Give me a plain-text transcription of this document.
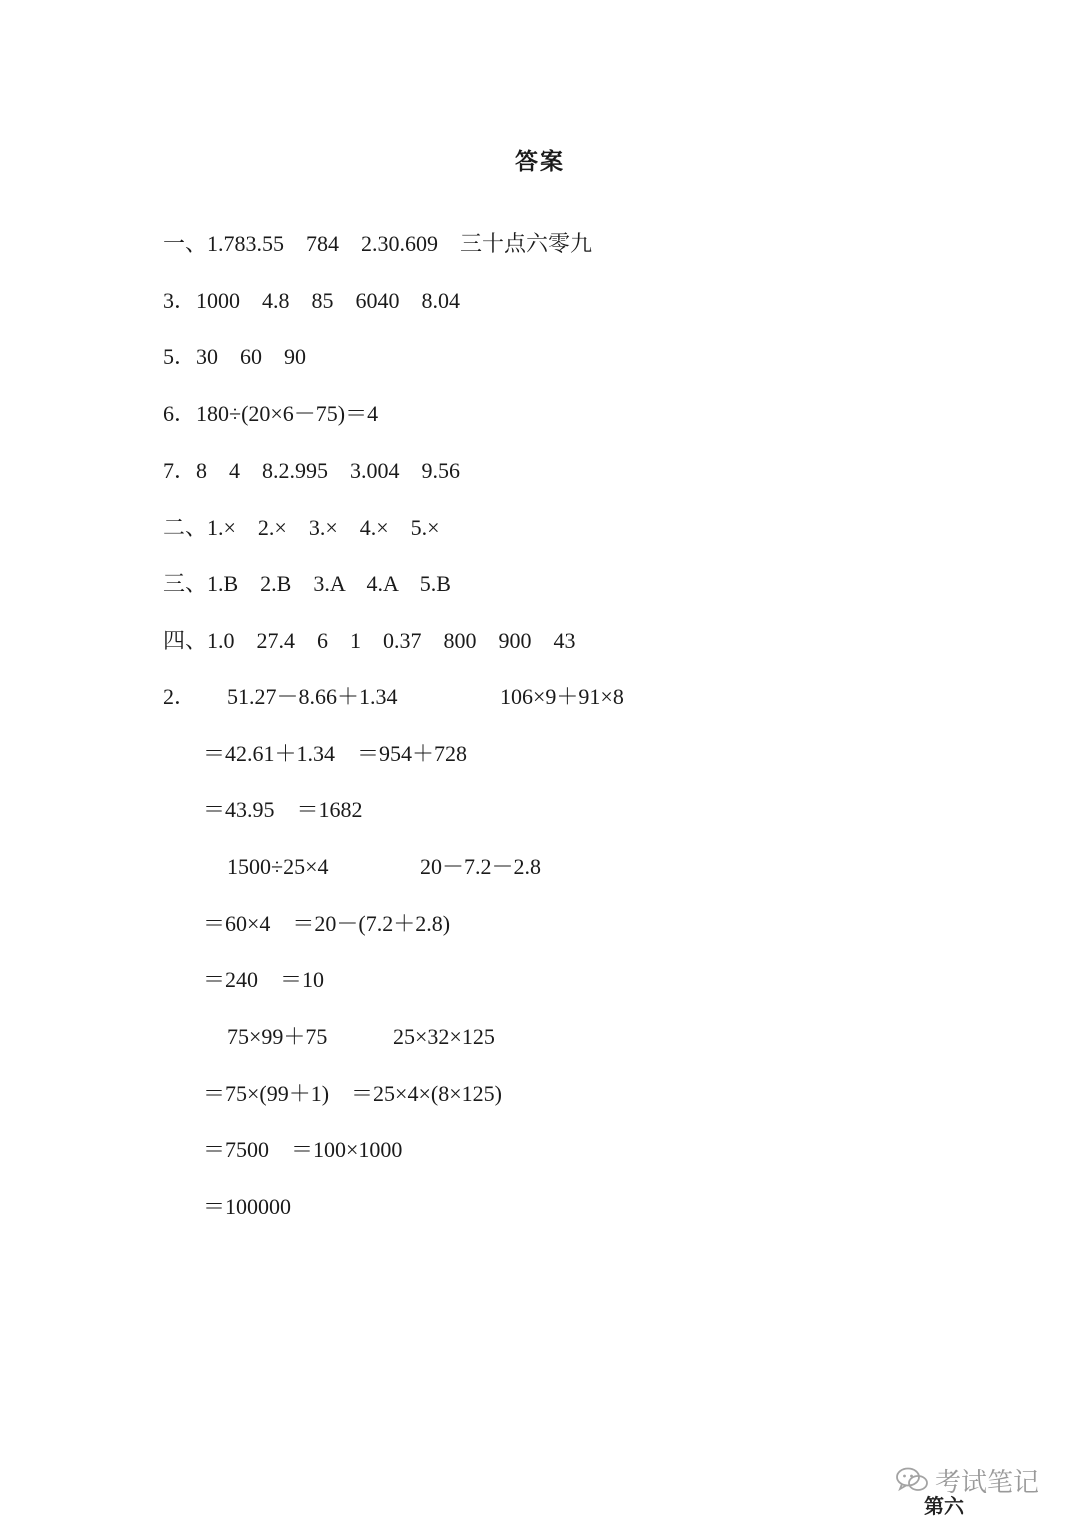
答案
一、1.783.55　784　2.30.609　三十点六零九
3．1000　4.8　85　6040　8.04
5．30　60　90
6．180÷(20×6－75)＝4
7．8　4　8.2.995　3.004　9.56
二、1.×　2.×　3.×　4.×　5.×
三、1.B　2.B　3.A　4.A　5.B
四、1.0　27.4　6　1　0.37　800　900　43
2． 51.27－8.66＋1.34	106×9＋91×8
＝42.61＋1.34　＝954＋728
＝43.95　＝1682
1500÷25×4	20－7.2－2.8
＝60×4　＝20－(7.2＋2.8)
＝240　＝10
75×99＋75	25×32×125
＝75×(99＋1)　＝25×4×(8×125)
＝7500　＝100×1000
＝100000
第六
考试笔记
